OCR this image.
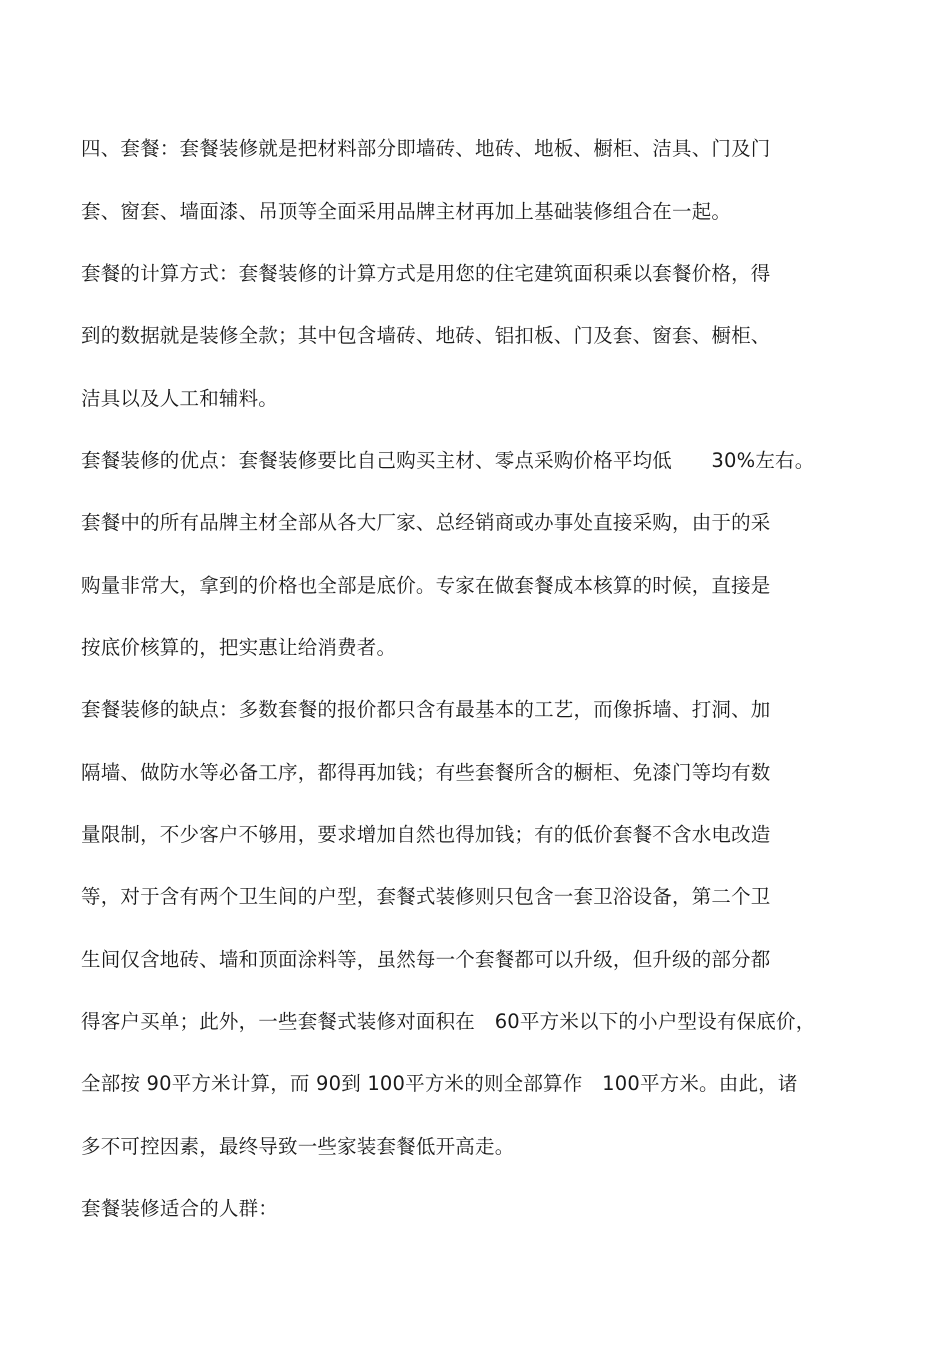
四、套餐：套餐装修就是把材料部分即墙砖、地砖、地板、橱柜、洁具、门及门

套、窗套、墙面漆、吊顶等全面采用品牌主材再加上基础装修组合在一起。

套餐的计算方式：套餐装修的计算方式是用您的住宅建筑面积乘以套餐价格，得

到的数据就是装修全款；其中包含墙砖、地砖、铝扣板、门及套、窗套、橱柜、

洁具以及人工和辅料。

套餐装修的优点：套餐装修要比自己购买主材、零点采购价格平均低　　30%左右。

套餐中的所有品牌主材全部从各大厂家、总经销商或办事处直接采购，由于的采

购量非常大，拿到的价格也全部是底价。专家在做套餐成本核算的时候，直接是

按底价核算的，把实惠让给消费者。

套餐装修的缺点：多数套餐的报价都只含有最基本的工艺，而像拆墙、打洞、加

隔墙、做防水等必备工序，都得再加钱；有些套餐所含的橱柜、免漆门等均有数

量限制，不少客户不够用，要求增加自然也得加钱；有的低价套餐不含水电改造

等，对于含有两个卫生间的户型，套餐式装修则只包含一套卫浴设备，第二个卫

生间仅含地砖、墙和顶面涂料等，虽然每一个套餐都可以升级，但升级的部分都

得客户买单；此外，一些套餐式装修对面积在　60平方米以下的小户型设有保底价，

全部按 90平方米计算，而 90到 100平方米的则全部算作　100平方米。由此，诸

多不可控因素，最终导致一些家装套餐低开高走。

套餐装修适合的人群：
